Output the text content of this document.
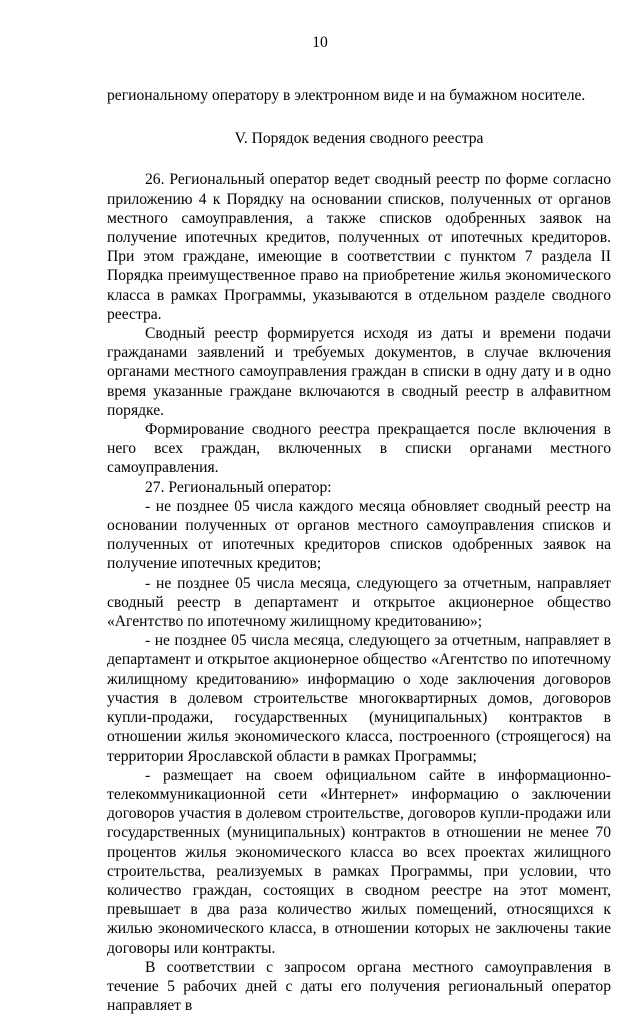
10

региональному оператору в электронном виде и на бумажном носителе.

V. Порядок ведения сводного реестра

26. Региональный оператор ведет сводный реестр по форме согласно приложению 4 к Порядку на основании списков, полученных от органов местного самоуправления, а также списков одобренных заявок на получение ипотечных кредитов, полученных от ипотечных кредиторов. При этом граждане, имеющие в соответствии с пунктом 7 раздела II Порядка преимущественное право на приобретение жилья экономического класса в рамках Программы, указываются в отдельном разделе сводного реестра.

Сводный реестр формируется исходя из даты и времени подачи гражданами заявлений и требуемых документов, в случае включения органами местного самоуправления граждан в списки в одну дату и в одно время указанные граждане включаются в сводный реестр в алфавитном порядке.

Формирование сводного реестра прекращается после включения в него всех граждан, включенных в списки органами местного самоуправления.

27. Региональный оператор:

- не позднее 05 числа каждого месяца обновляет сводный реестр на основании полученных от органов местного самоуправления списков и полученных от ипотечных кредиторов списков одобренных заявок на получение ипотечных кредитов;

- не позднее 05 числа месяца, следующего за отчетным, направляет сводный реестр в департамент и открытое акционерное общество «Агентство по ипотечному жилищному кредитованию»;

- не позднее 05 числа месяца, следующего за отчетным, направляет в департамент и открытое акционерное общество «Агентство по ипотечному жилищному кредитованию» информацию о ходе заключения договоров участия в долевом строительстве многоквартирных домов, договоров купли-продажи, государственных (муниципальных) контрактов в отношении жилья экономического класса, построенного (строящегося) на территории Ярославской области в рамках Программы;

- размещает на своем официальном сайте в информационно-телекоммуникационной сети «Интернет» информацию о заключении договоров участия в долевом строительстве, договоров купли-продажи или государственных (муниципальных) контрактов в отношении не менее 70 процентов жилья экономического класса во всех проектах жилищного строительства, реализуемых в рамках Программы, при условии, что количество граждан, состоящих в сводном реестре на этот момент, превышает в два раза количество жилых помещений, относящихся к жилью экономического класса, в отношении которых не заключены такие договоры или контракты.

В соответствии с запросом органа местного самоуправления в течение 5 рабочих дней с даты его получения региональный оператор направляет в
